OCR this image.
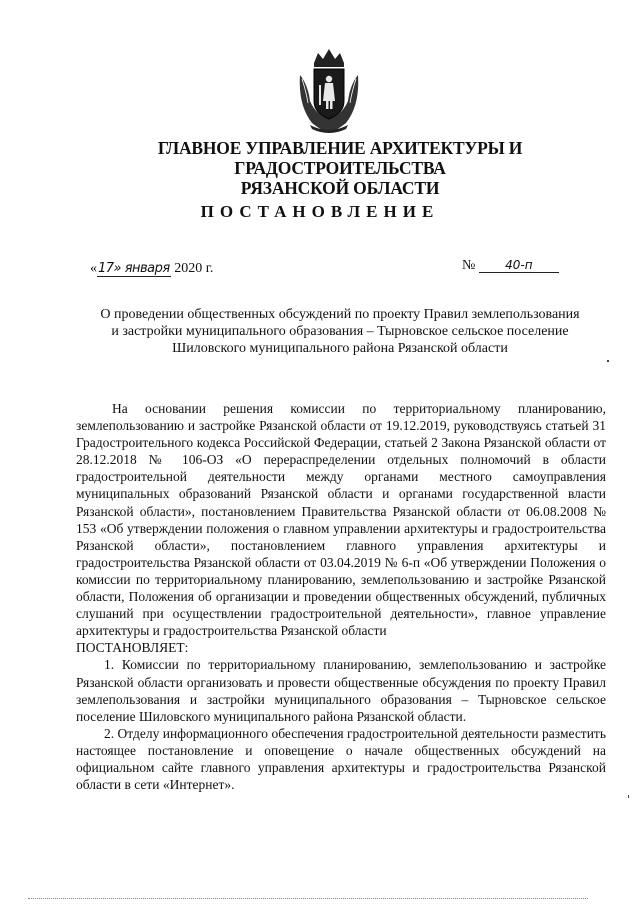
ГЛАВНОЕ УПРАВЛЕНИЕ АРХИТЕКТУРЫ И ГРАДОСТРОИТЕЛЬСТВА
РЯЗАНСКОЙ ОБЛАСТИ
ПОСТАНОВЛЕНИЕ
«17» января 2020 г.	№ 40-п
О проведении общественных обсуждений по проекту Правил землепользования
и застройки муниципального образования – Тырновское сельское поселение
Шиловского муниципального района Рязанской области

На основании решения комиссии по территориальному планированию, землепользованию и застройке Рязанской области от 19.12.2019, руководствуясь статьей 31 Градостроительного кодекса Российской Федерации, статьей 2 Закона Рязанской области от 28.12.2018 № 106-ОЗ «О перераспределении отдельных полномочий в области градостроительной деятельности между органами местного самоуправления муниципальных образований Рязанской области и органами государственной власти Рязанской области», постановлением Правительства Рязанской области от 06.08.2008 № 153 «Об утверждении положения о главном управлении архитектуры и градостроительства Рязанской области», постановлением главного управления архитектуры и градостроительства Рязанской области от 03.04.2019 № 6-п «Об утверждении Положения о комиссии по территориальному планированию, землепользованию и застройке Рязанской области, Положения об организации и проведении общественных обсуждений, публичных слушаний при осуществлении градостроительной деятельности», главное управление архитектуры и градостроительства Рязанской области

ПОСТАНОВЛЯЕТ:

1. Комиссии по территориальному планированию, землепользованию и застройке Рязанской области организовать и провести общественные обсуждения по проекту Правил землепользования и застройки муниципального образования – Тырновское сельское поселение Шиловского муниципального района Рязанской области.

2. Отделу информационного обеспечения градостроительной деятельности разместить настоящее постановление и оповещение о начале общественных обсуждений на официальном сайте главного управления архитектуры и градостроительства Рязанской области в сети «Интернет».
